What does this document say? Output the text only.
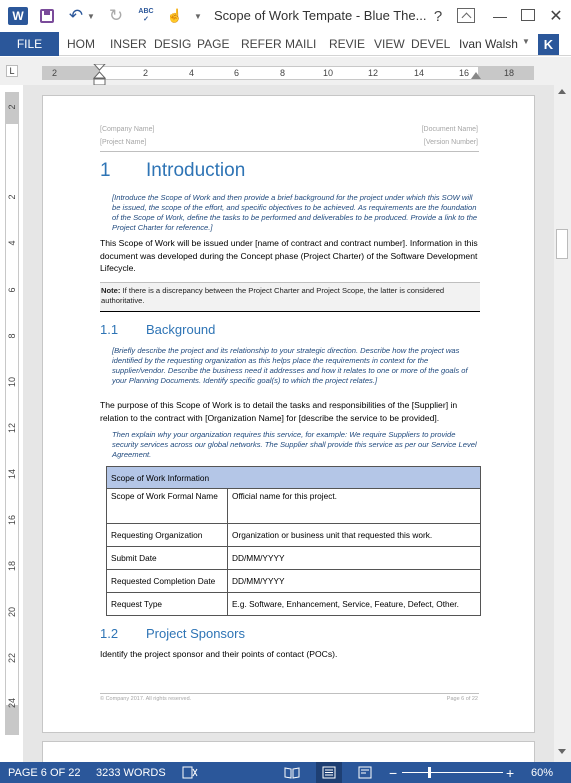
W	↶ ▼ ↻	ABC
✓ ☝ ▼ Scope of Work Tempate - Blue The... ?	—	✕
FILE	HOM INSER DESIG PAGE REFER MAILI REVIE VIEW DEVEL Ivan Walsh ▼	K
L	2	2	4	6	8	10	12	14	16	18
2
2
4
6
8
10
12
14
16
18
20
22
24
[Company Name]
[Project Name]
[Document Name]
[Version Number]
1 Introduction
[Introduce the Scope of Work and then provide a brief background for the project under which this SOW will be issued, the scope of the effort, and specific objectives to be achieved. As requirements are the foundation of the Scope of Work, define the tasks to be performed and deliverables to be produced. Provide a link to the Project Charter for reference.]
This Scope of Work will be issued under [name of contract and contract number]. Information in this document was developed during the Concept phase (Project Charter) of the Software Development Lifecycle.
Note: If there is a discrepancy between the Project Charter and Project Scope, the latter is considered authoritative.
1.1 Background
[Briefly describe the project and its relationship to your strategic direction. Describe how the project was identified by the requesting organization as this helps place the requirements in context for the supplier/vendor. Describe the business need it addresses and how it relates to one or more of the goals of your Planning Documents. Identify specific goal(s) to which the project relates.]
The purpose of this Scope of Work is to detail the tasks and responsibilities of the [Supplier] in relation to the contract with [Organization Name] for [describe the service to be provided].
Then explain why your organization requires this service, for example: We require Suppliers to provide security services across our global networks. The Supplier shall provide this service as per our Service Level Agreement.
Scope of Work Information	
Scope of Work Formal Name	Official name for this project.
Requesting Organization	Organization or business unit that requested this work.
Submit Date	DD/MM/YYYY
Requested Completion Date	DD/MM/YYYY
Request Type	E.g. Software, Enhancement, Service, Feature, Defect, Other.
1.2 Project Sponsors
Identify the project sponsor and their points of contact (POCs).
© Company 2017. All rights reserved.	Page 6 of 22
PAGE 6 OF 22 3233 WORDS	−	+ 60%
